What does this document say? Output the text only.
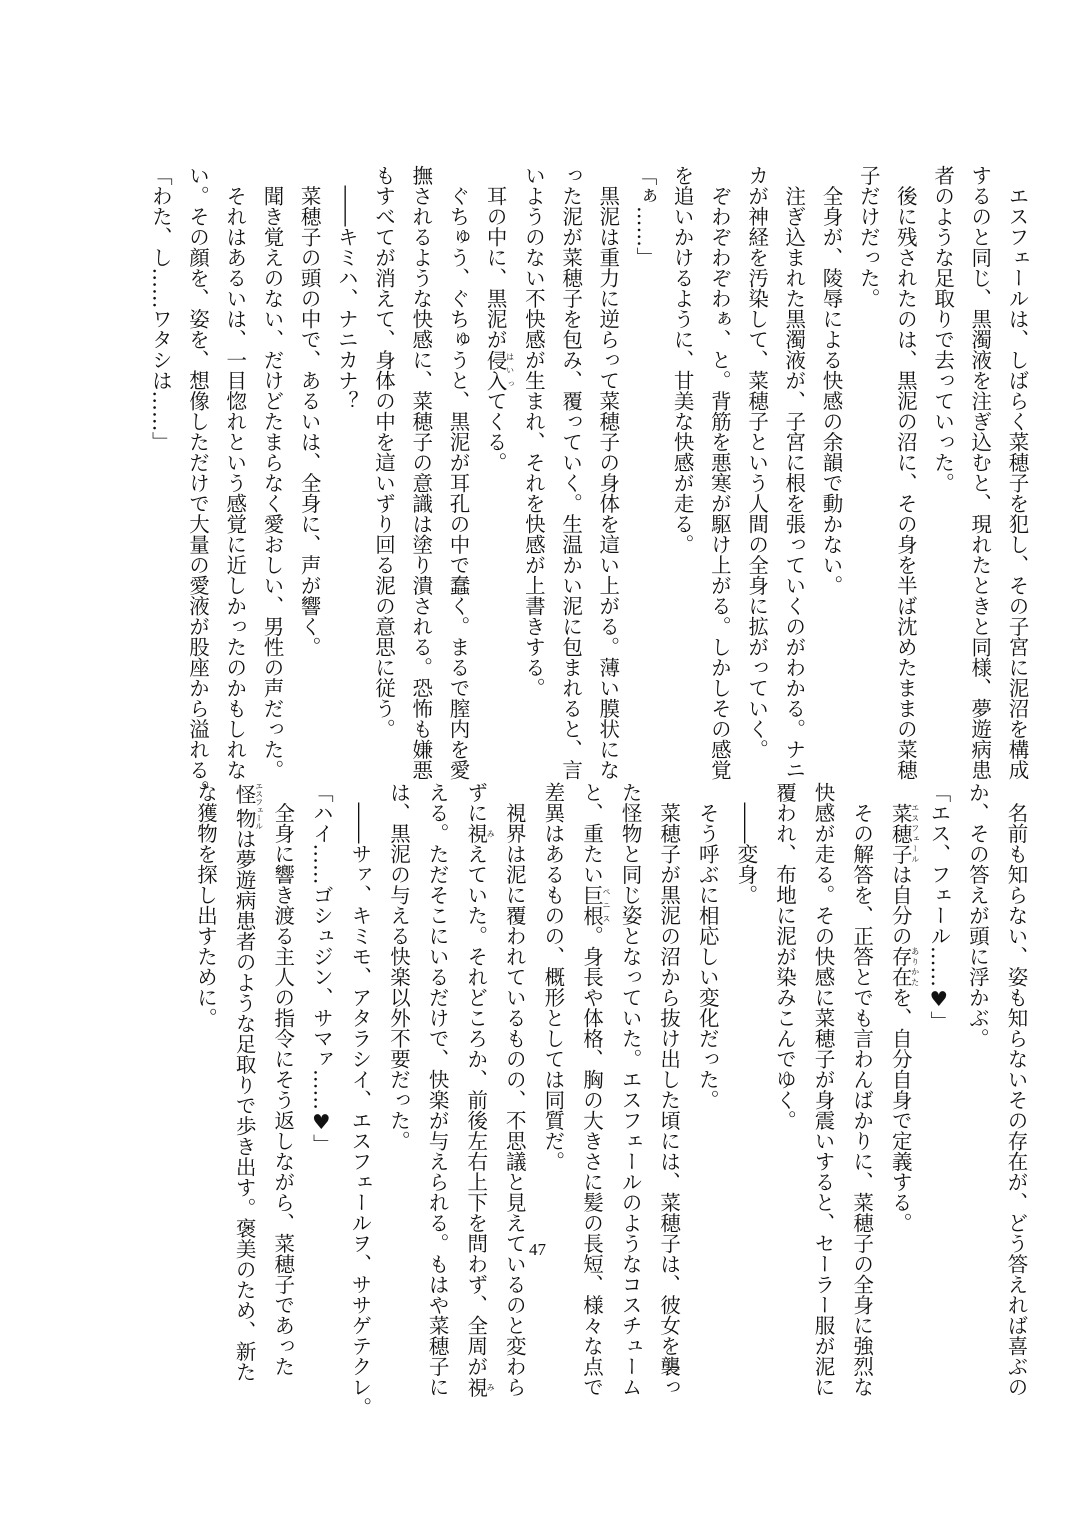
　エスフェールは、しばらく菜穂子を犯し、その子宮に泥沼を構成
するのと同じ、黒濁液を注ぎ込むと、現れたときと同様、夢遊病患
者のような足取りで去っていった。
　後に残されたのは、黒泥の沼に、その身を半ば沈めたままの菜穂
子だけだった。
　全身が、陵辱による快感の余韻で動かない。
　注ぎ込まれた黒濁液が、子宮に根を張っていくのがわかる。ナニ
カが神経を汚染して、菜穂子という人間の全身に拡がっていく。
　ぞわぞわぞわぁ、と。背筋を悪寒が駆け上がる。しかしその感覚
を追いかけるように、甘美な快感が走る。
「ぁ……」
　黒泥は重力に逆らって菜穂子の身体を這い上がる。薄い膜状にな
った泥が菜穂子を包み、覆っていく。生温かい泥に包まれると、言
いようのない不快感が生まれ、それを快感が上書きする。
　耳の中に、黒泥が侵入はいってくる。
　ぐちゅう、ぐちゅうと、黒泥が耳孔の中で蠢く。まるで膣内を愛
撫されるような快感に、菜穂子の意識は塗り潰される。恐怖も嫌悪
もすべてが消えて、身体の中を這いずり回る泥の意思に従う。
　――キミハ、ナニカナ？
　菜穂子の頭の中で、あるいは、全身に、声が響く。
　聞き覚えのない、だけどたまらなく愛おしい、男性の声だった。
　それはあるいは、一目惚れという感覚に近しかったのかもしれな
い。その顔を、姿を、想像しただけで大量の愛液が股座から溢れる。
「わた、し……ワタシは……」
　名前も知らない、姿も知らないその存在が、どう答えれば喜ぶの
か、その答えが頭に浮かぶ。
「エス、フェール……♥」
　菜穂子エスフェールは自分の存在ありかたを、自分自身で定義する。
　その解答を、正答とでも言わんばかりに、菜穂子の全身に強烈な
快感が走る。その快感に菜穂子が身震いすると、セーラー服が泥に
覆われ、布地に泥が染みこんでゆく。
　――変身。
　そう呼ぶに相応しい変化だった。
　菜穂子が黒泥の沼から抜け出した頃には、菜穂子は、彼女を襲っ
た怪物と同じ姿となっていた。エスフェールのようなコスチューム
と、重たい巨根ペニス。身長や体格、胸の大きさに髪の長短、様々な点で
差異はあるものの、概形としては同質だ。
　視界は泥に覆われているものの、不思議と見えているのと変わら
ずに視みえていた。それどころか、前後左右上下を問わず、全周が視み
える。ただそこにいるだけで、快楽が与えられる。もはや菜穂子に
は、黒泥の与える快楽以外不要だった。
　――サァ、キミモ、アタラシイ、エスフェールヲ、ササゲテクレ。
「ハイ……ゴシュジン、サマァ……♥」
　全身に響き渡る主人の指令にそう返しながら、菜穂子であった
怪物エスフェールは夢遊病患者のような足取りで歩き出す。褒美のため、新た
な獲物を探し出すために。
47
